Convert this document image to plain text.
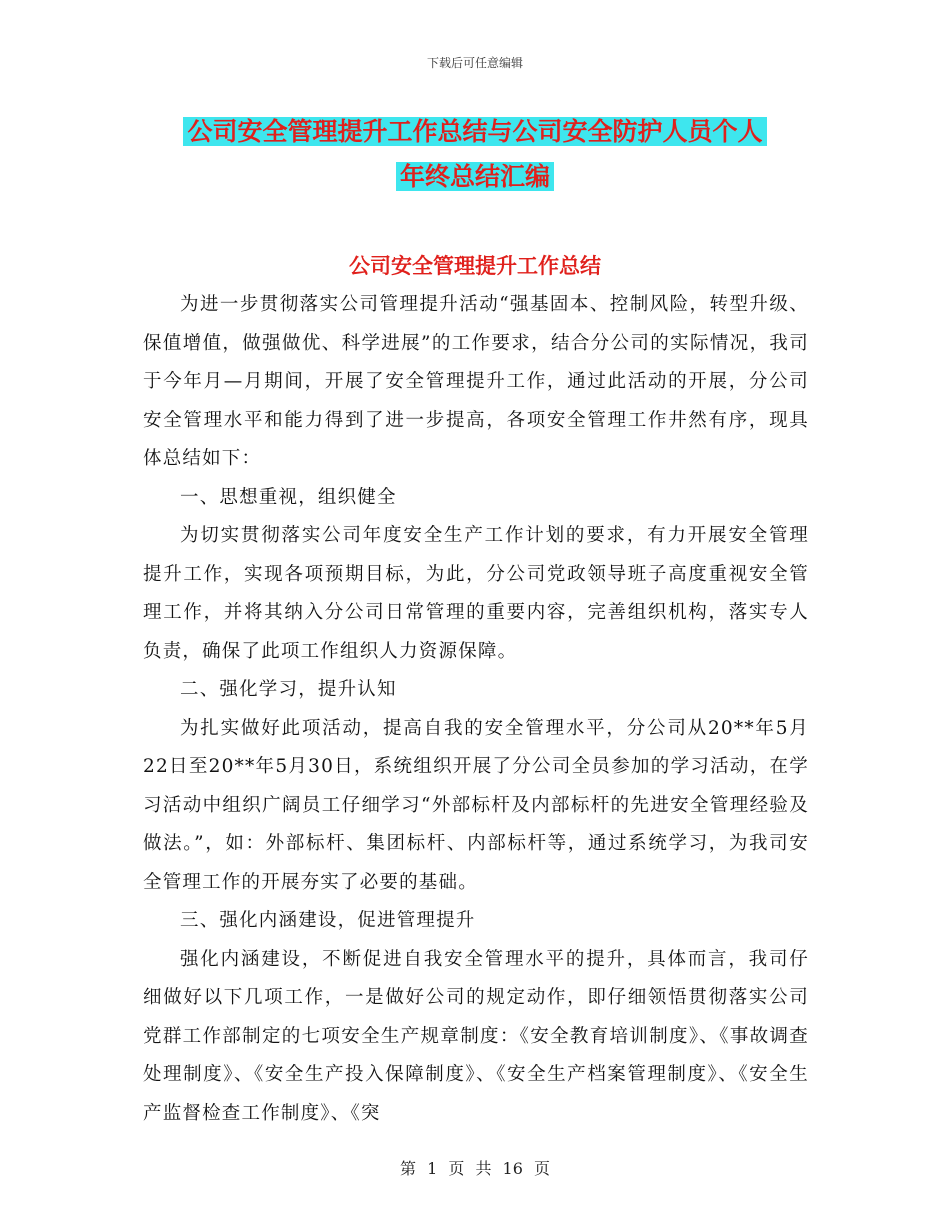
下载后可任意编辑
公司安全管理提升工作总结与公司安全防护人员个人
年终总结汇编
公司安全管理提升工作总结

为进一步贯彻落实公司管理提升活动“强基固本、控制风险，转型升级、保值增值，做强做优、科学进展”的工作要求，结合分公司的实际情况，我司于今年月—月期间，开展了安全管理提升工作，通过此活动的开展，分公司安全管理水平和能力得到了进一步提高，各项安全管理工作井然有序，现具体总结如下：

一、思想重视，组织健全

为切实贯彻落实公司年度安全生产工作计划的要求，有力开展安全管理提升工作，实现各项预期目标，为此，分公司党政领导班子高度重视安全管理工作，并将其纳入分公司日常管理的重要内容，完善组织机构，落实专人负责，确保了此项工作组织人力资源保障。

二、强化学习，提升认知

为扎实做好此项活动，提高自我的安全管理水平，分公司从20**年5月22日至20**年5月30日，系统组织开展了分公司全员参加的学习活动，在学习活动中组织广阔员工仔细学习“外部标杆及内部标杆的先进安全管理经验及做法。”，如：外部标杆、集团标杆、内部标杆等，通过系统学习，为我司安全管理工作的开展夯实了必要的基础。

三、强化内涵建设，促进管理提升

强化内涵建设，不断促进自我安全管理水平的提升，具体而言，我司仔细做好以下几项工作，一是做好公司的规定动作，即仔细领悟贯彻落实公司党群工作部制定的七项安全生产规章制度：《安全教育培训制度》、《事故调查处理制度》、《安全生产投入保障制度》、《安全生产档案管理制度》、《安全生产监督检查工作制度》、《突

第 1 页 共 16 页
